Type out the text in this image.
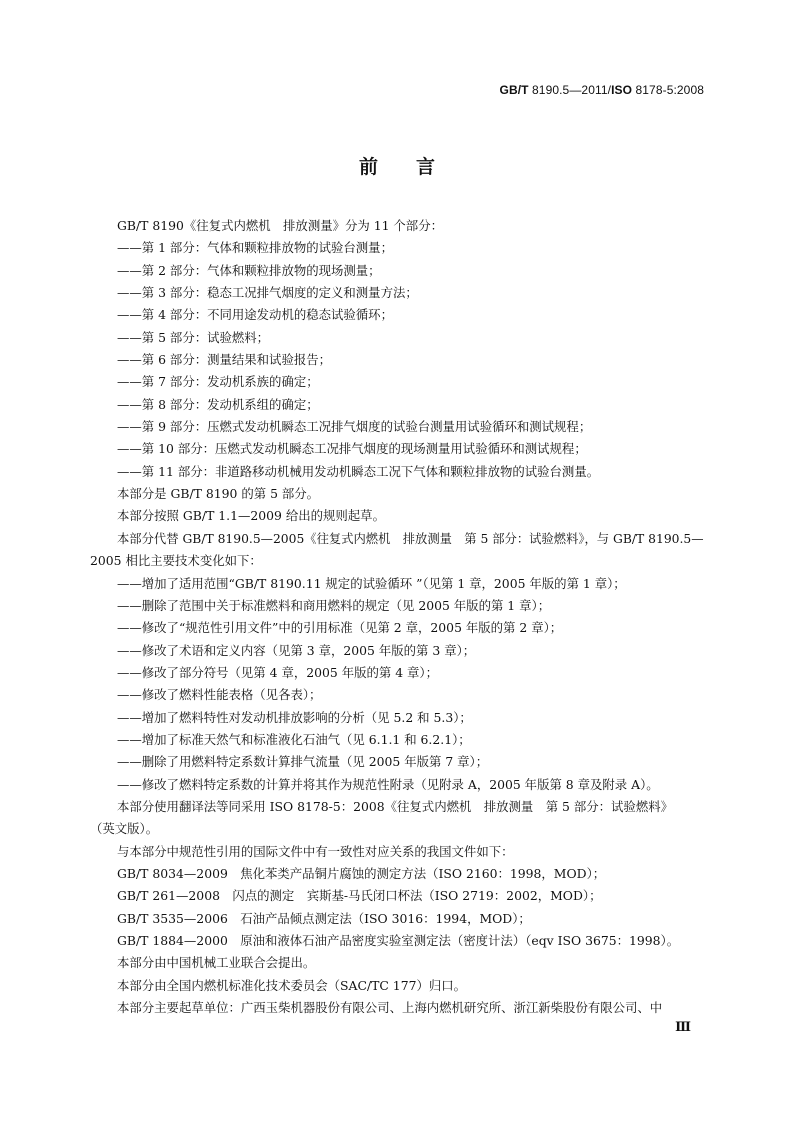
GB/T 8190.5—2011/ISO 8178-5:2008
前 言

GB/T 8190《往复式内燃机　排放测量》分为 11 个部分：

——第 1 部分：气体和颗粒排放物的试验台测量；

——第 2 部分：气体和颗粒排放物的现场测量；

——第 3 部分：稳态工况排气烟度的定义和测量方法；

——第 4 部分：不同用途发动机的稳态试验循环；

——第 5 部分：试验燃料；

——第 6 部分：测量结果和试验报告；

——第 7 部分：发动机系族的确定；

——第 8 部分：发动机系组的确定；

——第 9 部分：压燃式发动机瞬态工况排气烟度的试验台测量用试验循环和测试规程；

——第 10 部分：压燃式发动机瞬态工况排气烟度的现场测量用试验循环和测试规程；

——第 11 部分：非道路移动机械用发动机瞬态工况下气体和颗粒排放物的试验台测量。

本部分是 GB/T 8190 的第 5 部分。

本部分按照 GB/T 1.1—2009 给出的规则起草。

本部分代替 GB/T 8190.5—2005《往复式内燃机　排放测量　第 5 部分：试验燃料》，与 GB/T 8190.5—

2005 相比主要技术变化如下：

——增加了适用范围“GB/T 8190.11 规定的试验循环 ”（见第 1 章，2005 年版的第 1 章）；

——删除了范围中关于标准燃料和商用燃料的规定（见 2005 年版的第 1 章）；

——修改了“规范性引用文件”中的引用标准（见第 2 章，2005 年版的第 2 章）；

——修改了术语和定义内容（见第 3 章，2005 年版的第 3 章）；

——修改了部分符号（见第 4 章，2005 年版的第 4 章）；

——修改了燃料性能表格（见各表）；

——增加了燃料特性对发动机排放影响的分析（见 5.2 和 5.3）；

——增加了标准天然气和标准液化石油气（见 6.1.1 和 6.2.1）；

——删除了用燃料特定系数计算排气流量（见 2005 年版第 7 章）；

——修改了燃料特定系数的计算并将其作为规范性附录（见附录 A，2005 年版第 8 章及附录 A）。

本部分使用翻译法等同采用 ISO 8178-5：2008《往复式内燃机　排放测量　第 5 部分：试验燃料》

（英文版）。

与本部分中规范性引用的国际文件中有一致性对应关系的我国文件如下：

GB/T 8034—2009　焦化苯类产品铜片腐蚀的测定方法（ISO 2160：1998，MOD）；

GB/T 261—2008　闪点的测定　宾斯基-马氏闭口杯法（ISO 2719：2002，MOD）；

GB/T 3535—2006　石油产品倾点测定法（ISO 3016：1994，MOD）；

GB/T 1884—2000　原油和液体石油产品密度实验室测定法（密度计法）（eqv ISO 3675：1998）。

本部分由中国机械工业联合会提出。

本部分由全国内燃机标准化技术委员会（SAC/TC 177）归口。

本部分主要起草单位：广西玉柴机器股份有限公司、上海内燃机研究所、浙江新柴股份有限公司、中

Ⅲ
